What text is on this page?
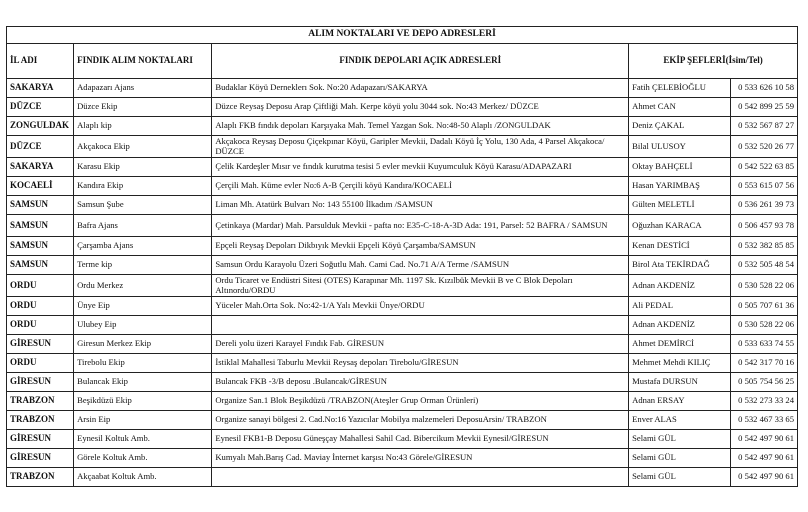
ALIM NOKTALARI VE DEPO ADRESLERİ				
İL ADI	FINDIK ALIM NOKTALARI	FINDIK DEPOLARI AÇIK ADRESLERİ	EKİP ŞEFLERİ(İsim/Tel)	
SAKARYA	Adapazarı Ajans	Budaklar Köyü Derneklerı Sok. No:20 Adapazarı/SAKARYA	Fatih ÇELEBİOĞLU	0 533 626 10 58
DÜZCE	Düzce Ekip	Düzce Reysaş Deposu Arap Çiftliği Mah. Kerpe köyü yolu 3044 sok. No:43 Merkez/ DÜZCE	Ahmet CAN	0 542 899 25 59
ZONGULDAK	Alaplı kip	Alaplı FKB fındık depoları Karşıyaka Mah. Temel Yazgan Sok. No:48-50 Alaplı /ZONGULDAK	Deniz ÇAKAL	0 532 567 87 27
DÜZCE	Akçakoca Ekip	Akçakoca Reysaş Deposu Çiçekpınar Köyü, Garipler Mevkii, Dadalı Köyü İç Yolu, 130 Ada, 4 Parsel Akçakoca/ DÜZCE	Bilal ULUSOY	0 532 520 26 77
SAKARYA	Karasu Ekip	Çelik Kardeşler Mısır ve fındık kurutma tesisi 5 evler mevkii Kuyumculuk Köyü Karasu/ADAPAZARI	Oktay BAHÇELİ	0 542 522 63 85
KOCAELİ	Kandıra Ekip	Çerçili Mah. Küme evler No:6 A-B Çerçili köyü Kandıra/KOCAELİ	Hasan YARIMBAŞ	0 553 615 07 56
SAMSUN	Samsun Şube	Liman Mh. Atatürk Bulvarı No: 143 55100 İlkadım /SAMSUN	Gülten MELETLİ	0 536 261 39 73
SAMSUN	Bafra Ajans	Çetinkaya (Mardar) Mah. Parsulduk Mevkii - pafta no: E35-C-18-A-3D Ada: 191, Parsel: 52 BAFRA / SAMSUN	Oğuzhan KARACA	0 506 457 93 78
SAMSUN	Çarşamba Ajans	Epçeli Reysaş Depoları Dikbıyık Mevkii Epçeli Köyü Çarşamba/SAMSUN	Kenan DESTİCİ	0 532 382 85 85
SAMSUN	Terme kip	Samsun Ordu Karayolu Üzeri Soğutlu Mah. Cami Cad. No.71 A/A Terme /SAMSUN	Birol Ata TEKİRDAĞ	0 532 505 48 54
ORDU	Ordu Merkez	Ordu Ticaret ve Endüstri Sitesi (OTES) Karapınar Mh. 1197 Sk. Kızılbük Mevkii B ve C Blok Depoları Altınordu/ORDU	Adnan AKDENİZ	0 530 528 22 06
ORDU	Ünye Eip	Yüceler Mah.Orta Sok. No:42-1/A Yalı Mevkii Ünye/ORDU	Ali PEDAL	0 505 707 61 36
ORDU	Ulubey Eip		Adnan AKDENİZ	0 530 528 22 06
GİRESUN	Giresun Merkez Ekip	Dereli yolu üzeri Karayel Fındık Fab. GİRESUN	Ahmet DEMİRCİ	0 533 633 74 55
ORDU	Tirebolu Ekip	İstiklal Mahallesi Taburlu Mevkii Reysaş depoları Tirebolu/GİRESUN	Mehmet Mehdi KILIÇ	0 542 317 70 16
GİRESUN	Bulancak Ekip	Bulancak FKB -3/B deposu .Bulancak/GİRESUN	Mustafa DURSUN	0 505 754 56 25
TRABZON	Beşikdüzü Ekip	Organize San.1 Blok Beşikdüzü /TRABZON(Ateşler Grup Orman Ürünleri)	Adnan ERSAY	0 532 273 33 24
TRABZON	Arsin Eip	Organize sanayi bölgesi 2. Cad.No:16 Yazıcılar Mobilya malzemeleri DeposuArsin/ TRABZON	Enver ALAS	0 532 467 33 65
GİRESUN	Eynesil Koltuk Amb.	Eynesil FKB1-B Deposu Güneşçay Mahallesi Sahil Cad. Bibercikum Mevkii Eynesil/GİRESUN	Selami GÜL	0 542 497 90 61
GİRESUN	Görele Koltuk Amb.	Kumyalı Mah.Barış Cad. Maviay İnternet karşısı No:43 Görele/GİRESUN	Selami GÜL	0 542 497 90 61
TRABZON	Akçaabat Koltuk Amb.		Selami GÜL	0 542 497 90 61
